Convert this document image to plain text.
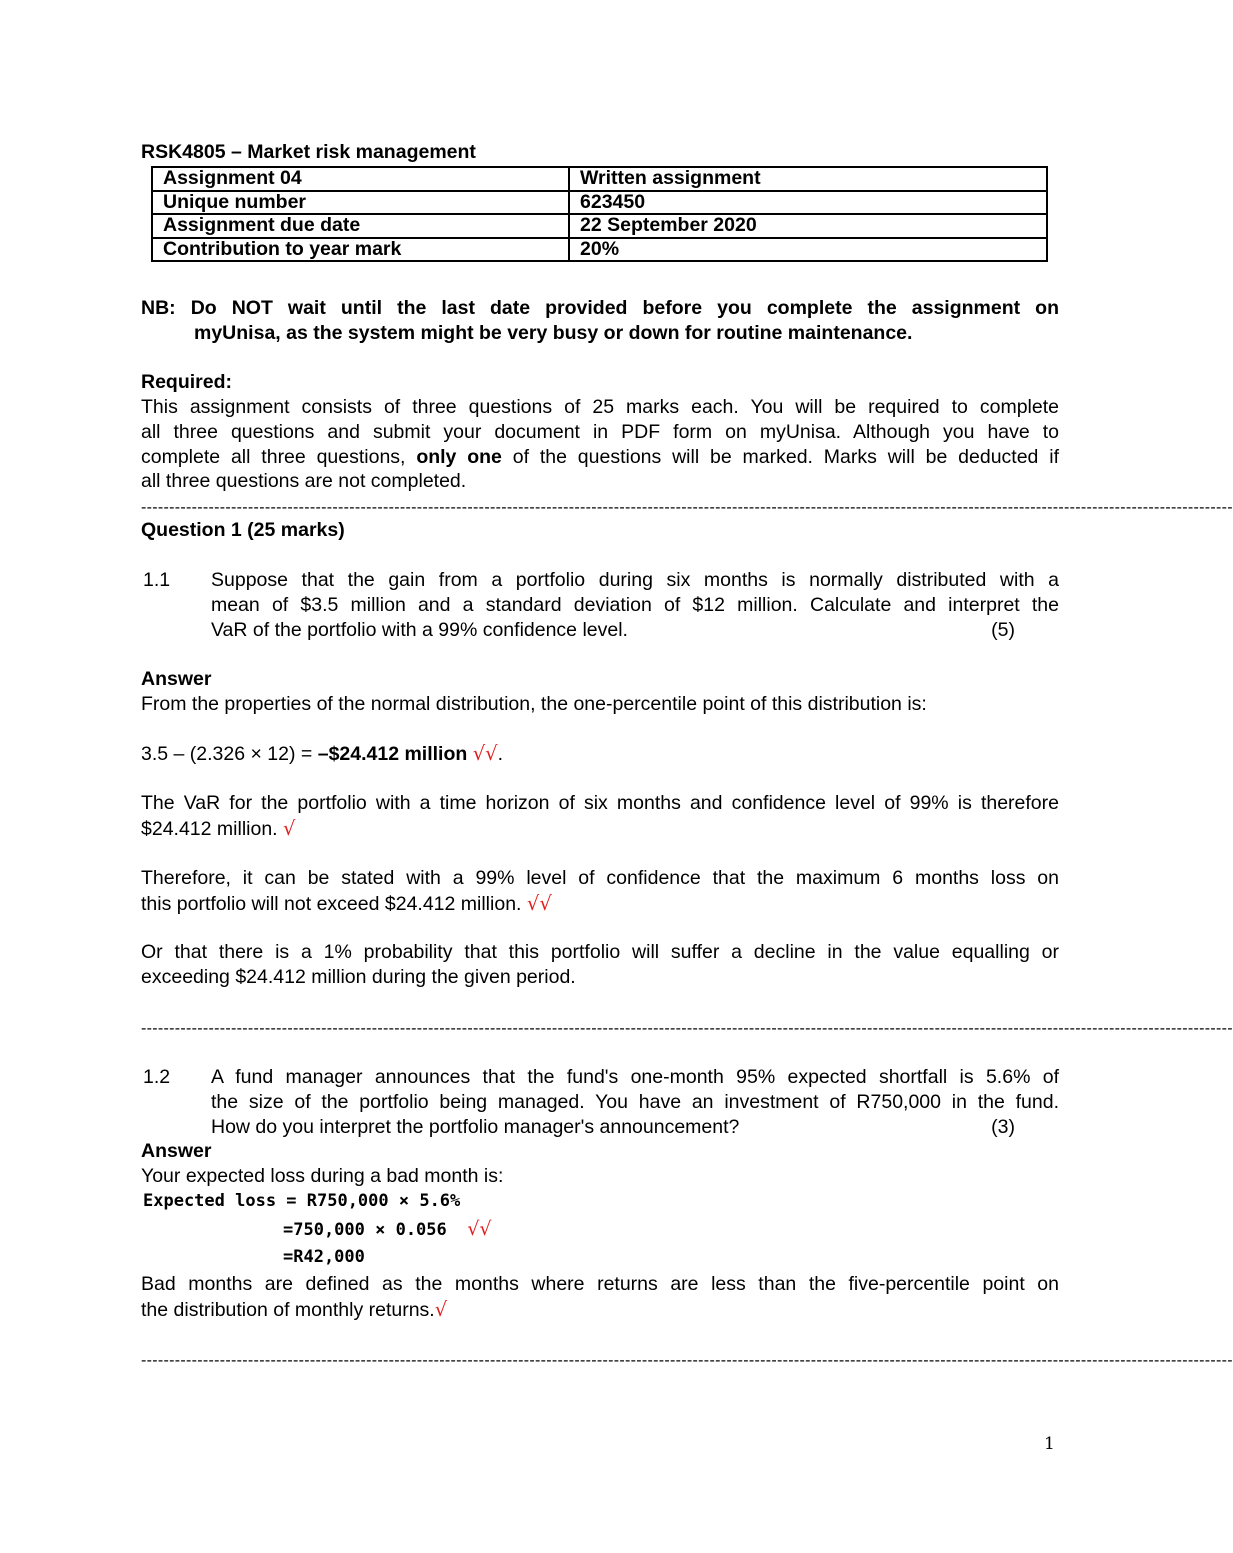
RSK4805 – Market risk management
Assignment 04	Written assignment
Unique number	623450
Assignment due date	22 September 2020
Contribution to year mark	20%
NB: Do NOT wait until the last date provided before you complete the assignment on
myUnisa, as the system might be very busy or down for routine maintenance.
Required:
This assignment consists of three questions of 25 marks each. You will be required to complete
all three questions and submit your document in PDF form on myUnisa. Although you have to
complete all three questions, only one of the questions will be marked. Marks will be deducted if
all three questions are not completed.
--------------------------------------------------------------------------------------------------------------------------------------------------------------------------------------------------
Question 1 (25 marks)
1.1 Suppose that the gain from a portfolio during six months is normally distributed with a
mean of $3.5 million and a standard deviation of $12 million. Calculate and interpret the
VaR of the portfolio with a 99% confidence level.	(5)
Answer
From the properties of the normal distribution, the one-percentile point of this distribution is:
3.5 – (2.326 × 12) = –$24.412 million √√.
The VaR for the portfolio with a time horizon of six months and confidence level of 99% is therefore
$24.412 million. √
Therefore, it can be stated with a 99% level of confidence that the maximum 6 months loss on
this portfolio will not exceed $24.412 million. √√
Or that there is a 1% probability that this portfolio will suffer a decline in the value equalling or
exceeding $24.412 million during the given period.
--------------------------------------------------------------------------------------------------------------------------------------------------------------------------------------------------
1.2 A fund manager announces that the fund's one-month 95% expected shortfall is 5.6% of
the size of the portfolio being managed. You have an investment of R750,000 in the fund.
How do you interpret the portfolio manager's announcement?	(3)
Answer
Your expected loss during a bad month is:
Expected loss = R750,000 × 5.6%
=750,000 × 0.056 √√
=R42,000
Bad months are defined as the months where returns are less than the five-percentile point on
the distribution of monthly returns.√
--------------------------------------------------------------------------------------------------------------------------------------------------------------------------------------------------
1
